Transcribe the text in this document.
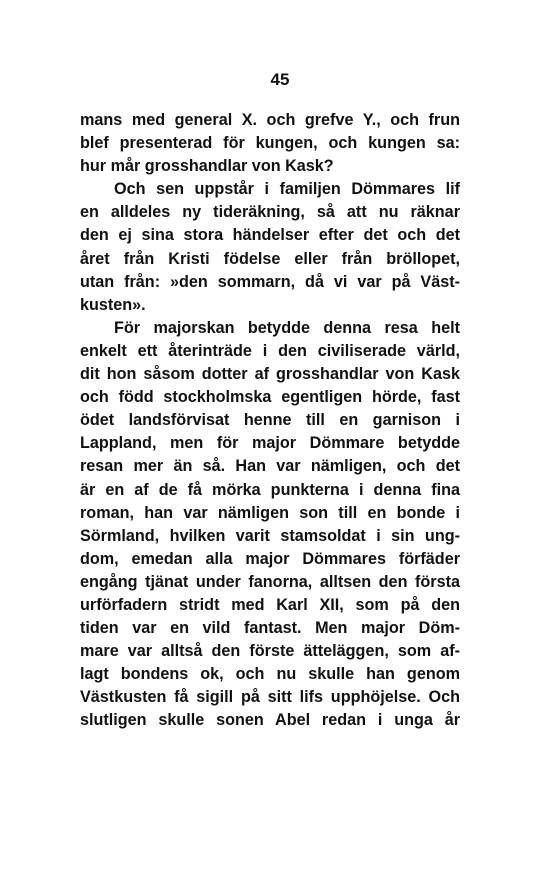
45
mans med general X. och grefve Y., och frun
blef presenterad för kungen, och kungen sa:
hur mår grosshandlar von Kask?
Och sen uppstår i familjen Dömmares lif
en alldeles ny tideräkning, så att nu räknar
den ej sina stora händelser efter det och det
året från Kristi födelse eller från bröllopet,
utan från: »den sommarn, då vi var på Väst-
kusten».
För majorskan betydde denna resa helt
enkelt ett återinträde i den civiliserade värld,
dit hon såsom dotter af grosshandlar von Kask
och född stockholmska egentligen hörde, fast
ödet landsförvisat henne till en garnison i
Lappland, men för major Dömmare betydde
resan mer än så. Han var nämligen, och det
är en af de få mörka punkterna i denna fina
roman, han var nämligen son till en bonde i
Sörmland, hvilken varit stamsoldat i sin ung-
dom, emedan alla major Dömmares förfäder
engång tjänat under fanorna, alltsen den första
urförfadern stridt med Karl XII, som på den
tiden var en vild fantast. Men major Döm-
mare var alltså den förste ätteläggen, som af-
lagt bondens ok, och nu skulle han genom
Västkusten få sigill på sitt lifs upphöjelse. Och
slutligen skulle sonen Abel redan i unga år
